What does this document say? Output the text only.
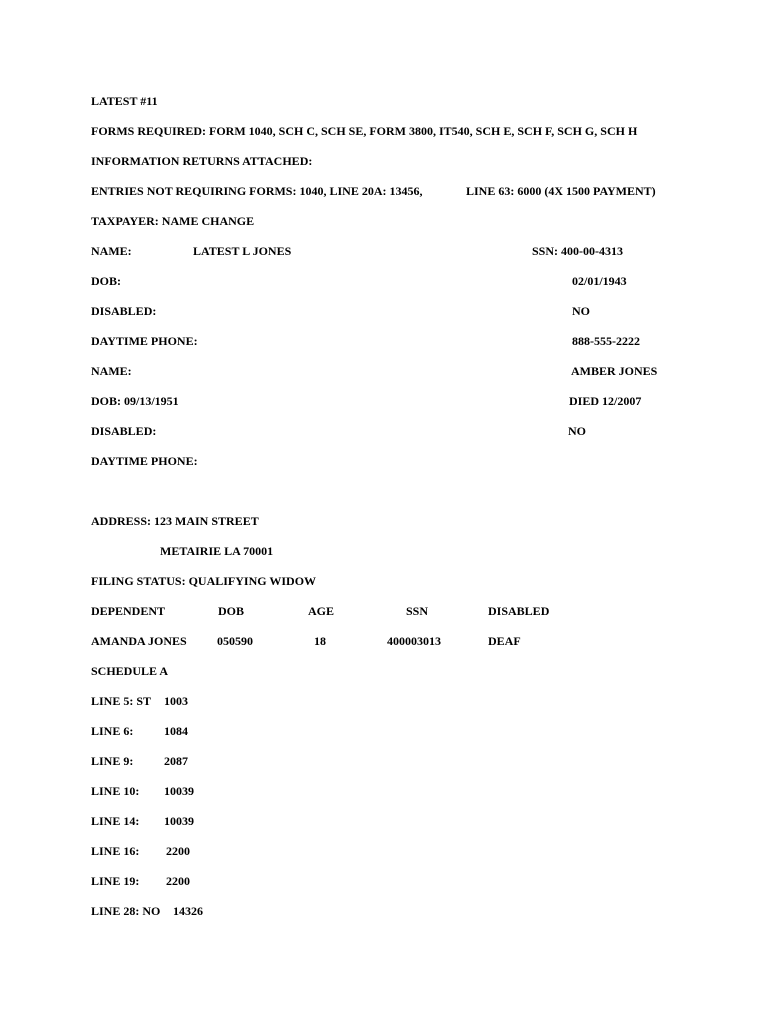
LATEST #11
FORMS REQUIRED: FORM 1040, SCH C, SCH SE, FORM 3800, IT540, SCH E, SCH F, SCH G, SCH H
INFORMATION RETURNS ATTACHED:
ENTRIES NOT REQUIRING FORMS: 1040, LINE 20A: 13456,	LINE 63: 6000 (4X 1500 PAYMENT)
TAXPAYER: NAME CHANGE
NAME:	LATEST L JONES	SSN: 400-00-4313
DOB:	02/01/1943
DISABLED:	NO
DAYTIME PHONE:	888-555-2222
NAME:	AMBER JONES
DOB: 09/13/1951	DIED 12/2007
DISABLED:	NO
DAYTIME PHONE:
ADDRESS: 123 MAIN STREET
METAIRIE LA 70001
FILING STATUS: QUALIFYING WIDOW
DEPENDENT	DOB	AGE	SSN	DISABLED
AMANDA JONES	050590	18	400003013	DEAF
SCHEDULE A
LINE 5: ST 1003
LINE 6:	1084
LINE 9:	2087
LINE 10: 10039
LINE 14: 10039
LINE 16: 2200
LINE 19: 2200
LINE 28: NO 14326
